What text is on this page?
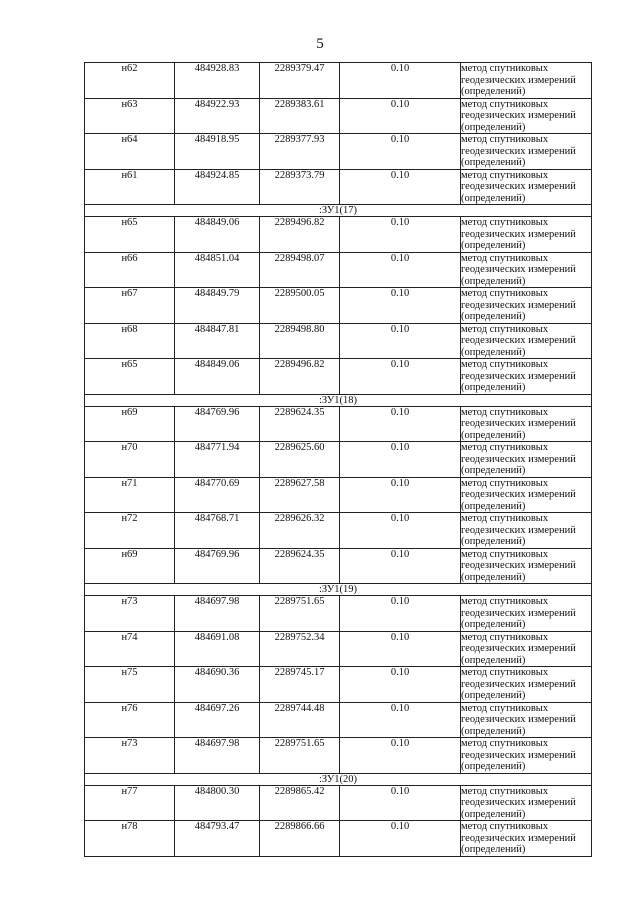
5
н62	484928.83	2289379.47	0.10	метод спутниковых геодезических измерений (определений)
н63	484922.93	2289383.61	0.10	метод спутниковых геодезических измерений (определений)
н64	484918.95	2289377.93	0.10	метод спутниковых геодезических измерений (определений)
н61	484924.85	2289373.79	0.10	метод спутниковых геодезических измерений (определений)
:ЗУ1(17)				
н65	484849.06	2289496.82	0.10	метод спутниковых геодезических измерений (определений)
н66	484851.04	2289498.07	0.10	метод спутниковых геодезических измерений (определений)
н67	484849.79	2289500.05	0.10	метод спутниковых геодезических измерений (определений)
н68	484847.81	2289498.80	0.10	метод спутниковых геодезических измерений (определений)
н65	484849.06	2289496.82	0.10	метод спутниковых геодезических измерений (определений)
:ЗУ1(18)				
н69	484769.96	2289624.35	0.10	метод спутниковых геодезических измерений (определений)
н70	484771.94	2289625.60	0.10	метод спутниковых геодезических измерений (определений)
н71	484770.69	2289627.58	0.10	метод спутниковых геодезических измерений (определений)
н72	484768.71	2289626.32	0.10	метод спутниковых геодезических измерений (определений)
н69	484769.96	2289624.35	0.10	метод спутниковых геодезических измерений (определений)
:ЗУ1(19)				
н73	484697.98	2289751.65	0.10	метод спутниковых геодезических измерений (определений)
н74	484691.08	2289752.34	0.10	метод спутниковых геодезических измерений (определений)
н75	484690.36	2289745.17	0.10	метод спутниковых геодезических измерений (определений)
н76	484697.26	2289744.48	0.10	метод спутниковых геодезических измерений (определений)
н73	484697.98	2289751.65	0.10	метод спутниковых геодезических измерений (определений)
:ЗУ1(20)				
н77	484800.30	2289865.42	0.10	метод спутниковых геодезических измерений (определений)
н78	484793.47	2289866.66	0.10	метод спутниковых геодезических измерений (определений)
